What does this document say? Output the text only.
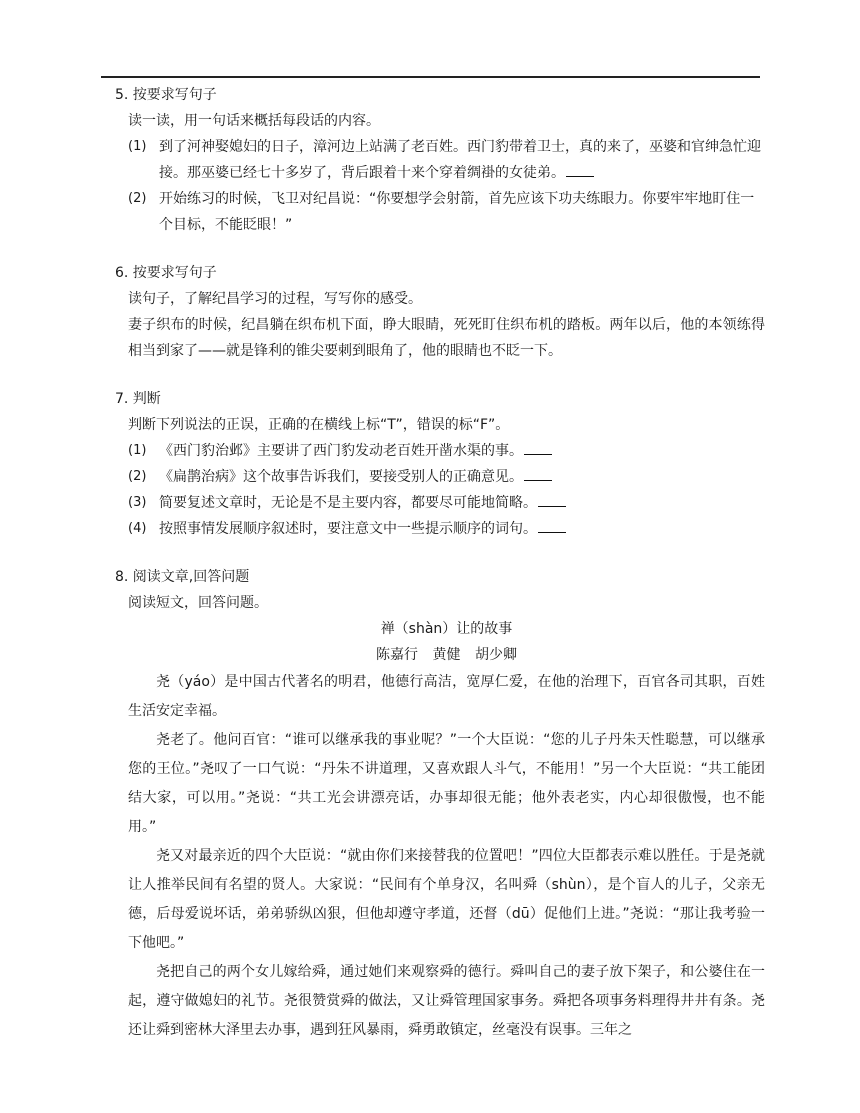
5. 按要求写句子
读一读，用一句话来概括每段话的内容。
(1) 到了河神娶媳妇的日子，漳河边上站满了老百姓。西门豹带着卫士，真的来了，巫婆和官绅急忙迎接。那巫婆已经七十多岁了，背后跟着十来个穿着绸褂的女徒弟。
(2) 开始练习的时候，飞卫对纪昌说：“你要想学会射箭，首先应该下功夫练眼力。你要牢牢地盯住一个目标，不能眨眼！”
6. 按要求写句子
读句子，了解纪昌学习的过程，写写你的感受。
妻子织布的时候，纪昌躺在织布机下面，睁大眼睛，死死盯住织布机的踏板。两年以后，他的本领练得相当到家了——就是锋利的锥尖要刺到眼角了，他的眼睛也不眨一下。
7. 判断
判断下列说法的正误，正确的在横线上标“T”，错误的标“F”。
(1) 《西门豹治邺》主要讲了西门豹发动老百姓开凿水渠的事。
(2) 《扁鹊治病》这个故事告诉我们，要接受别人的正确意见。
(3) 简要复述文章时，无论是不是主要内容，都要尽可能地简略。
(4) 按照事情发展顺序叙述时，要注意文中一些提示顺序的词句。
8. 阅读文章,回答问题
阅读短文，回答问题。
禅（shàn）让的故事
陈嘉行 黄健 胡少卿
尧（yáo）是中国古代著名的明君，他德行高洁，宽厚仁爱，在他的治理下，百官各司其职，百姓生活安定幸福。
尧老了。他问百官：“谁可以继承我的事业呢？”一个大臣说：“您的儿子丹朱天性聪慧，可以继承您的王位。”尧叹了一口气说：“丹朱不讲道理，又喜欢跟人斗气，不能用！”另一个大臣说：“共工能团结大家，可以用。”尧说：“共工光会讲漂亮话，办事却很无能；他外表老实，内心却很傲慢，也不能用。”
尧又对最亲近的四个大臣说：“就由你们来接替我的位置吧！”四位大臣都表示难以胜任。于是尧就让人推举民间有名望的贤人。大家说：“民间有个单身汉，名叫舜（shùn），是个盲人的儿子，父亲无德，后母爱说坏话，弟弟骄纵凶狠，但他却遵守孝道，还督（dū）促他们上进。”尧说：“那让我考验一下他吧。”
尧把自己的两个女儿嫁给舜，通过她们来观察舜的德行。舜叫自己的妻子放下架子，和公婆住在一起，遵守做媳妇的礼节。尧很赞赏舜的做法，又让舜管理国家事务。舜把各项事务料理得井井有条。尧还让舜到密林大泽里去办事，遇到狂风暴雨，舜勇敢镇定，丝毫没有误事。三年之
